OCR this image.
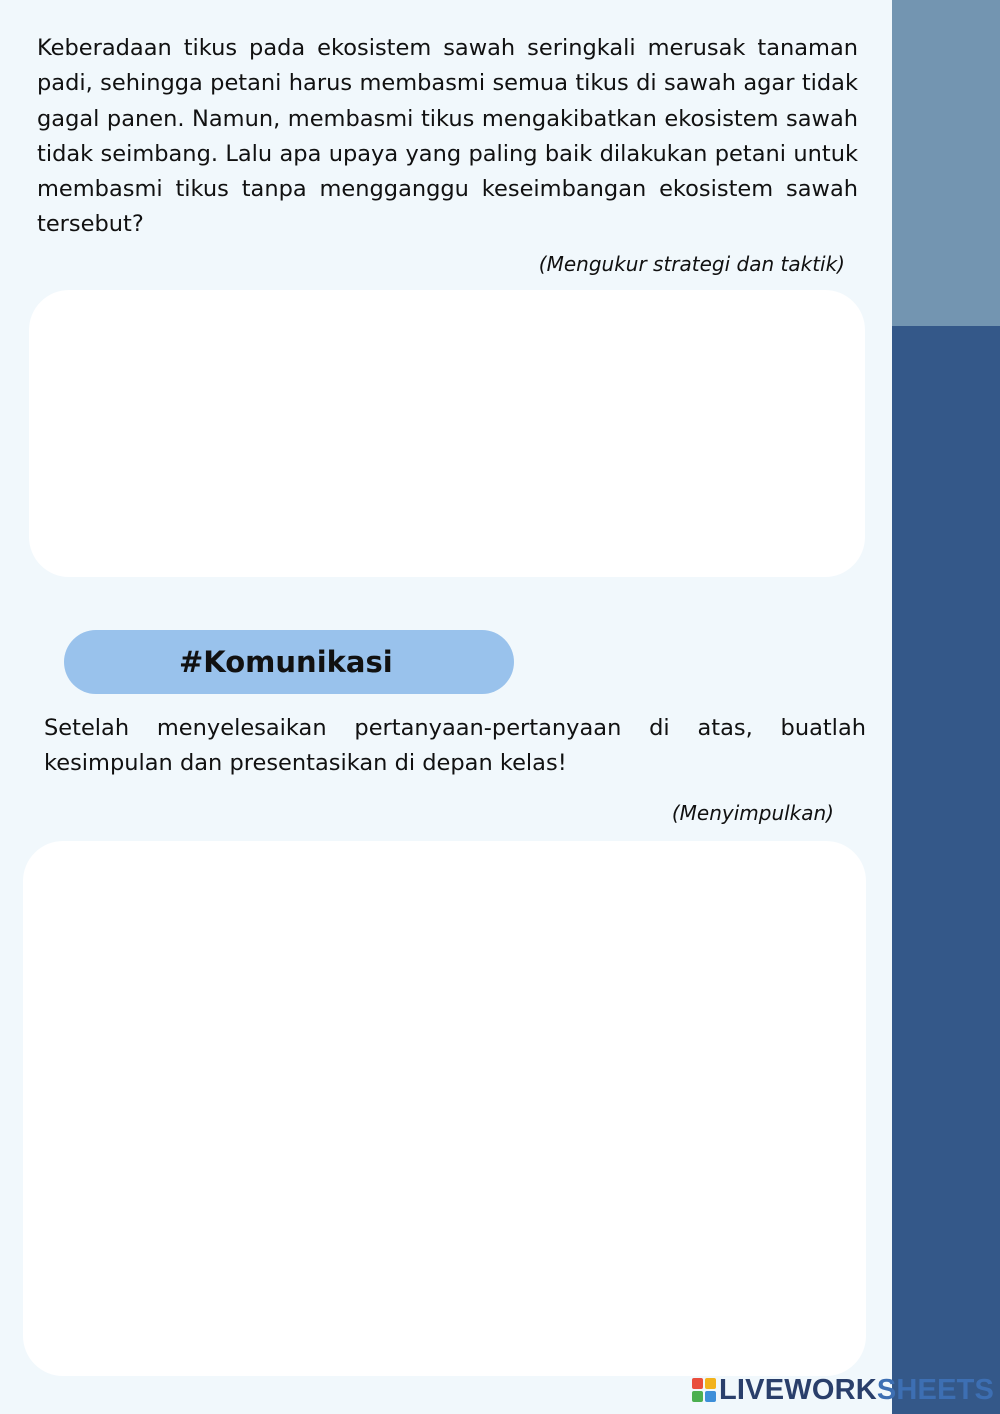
Keberadaan tikus pada ekosistem sawah seringkali merusak tanaman padi, sehingga petani harus membasmi semua tikus di sawah agar tidak gagal panen. Namun, membasmi tikus mengakibatkan ekosistem sawah tidak seimbang. Lalu apa upaya yang paling baik dilakukan petani untuk membasmi tikus tanpa mengganggu keseimbangan ekosistem sawah tersebut?

(Mengukur strategi dan taktik)

#Komunikasi

Setelah menyelesaikan pertanyaan-pertanyaan di atas, buatlah kesimpulan dan presentasikan di depan kelas!

(Menyimpulkan)

LIVEWORKSHEETS
